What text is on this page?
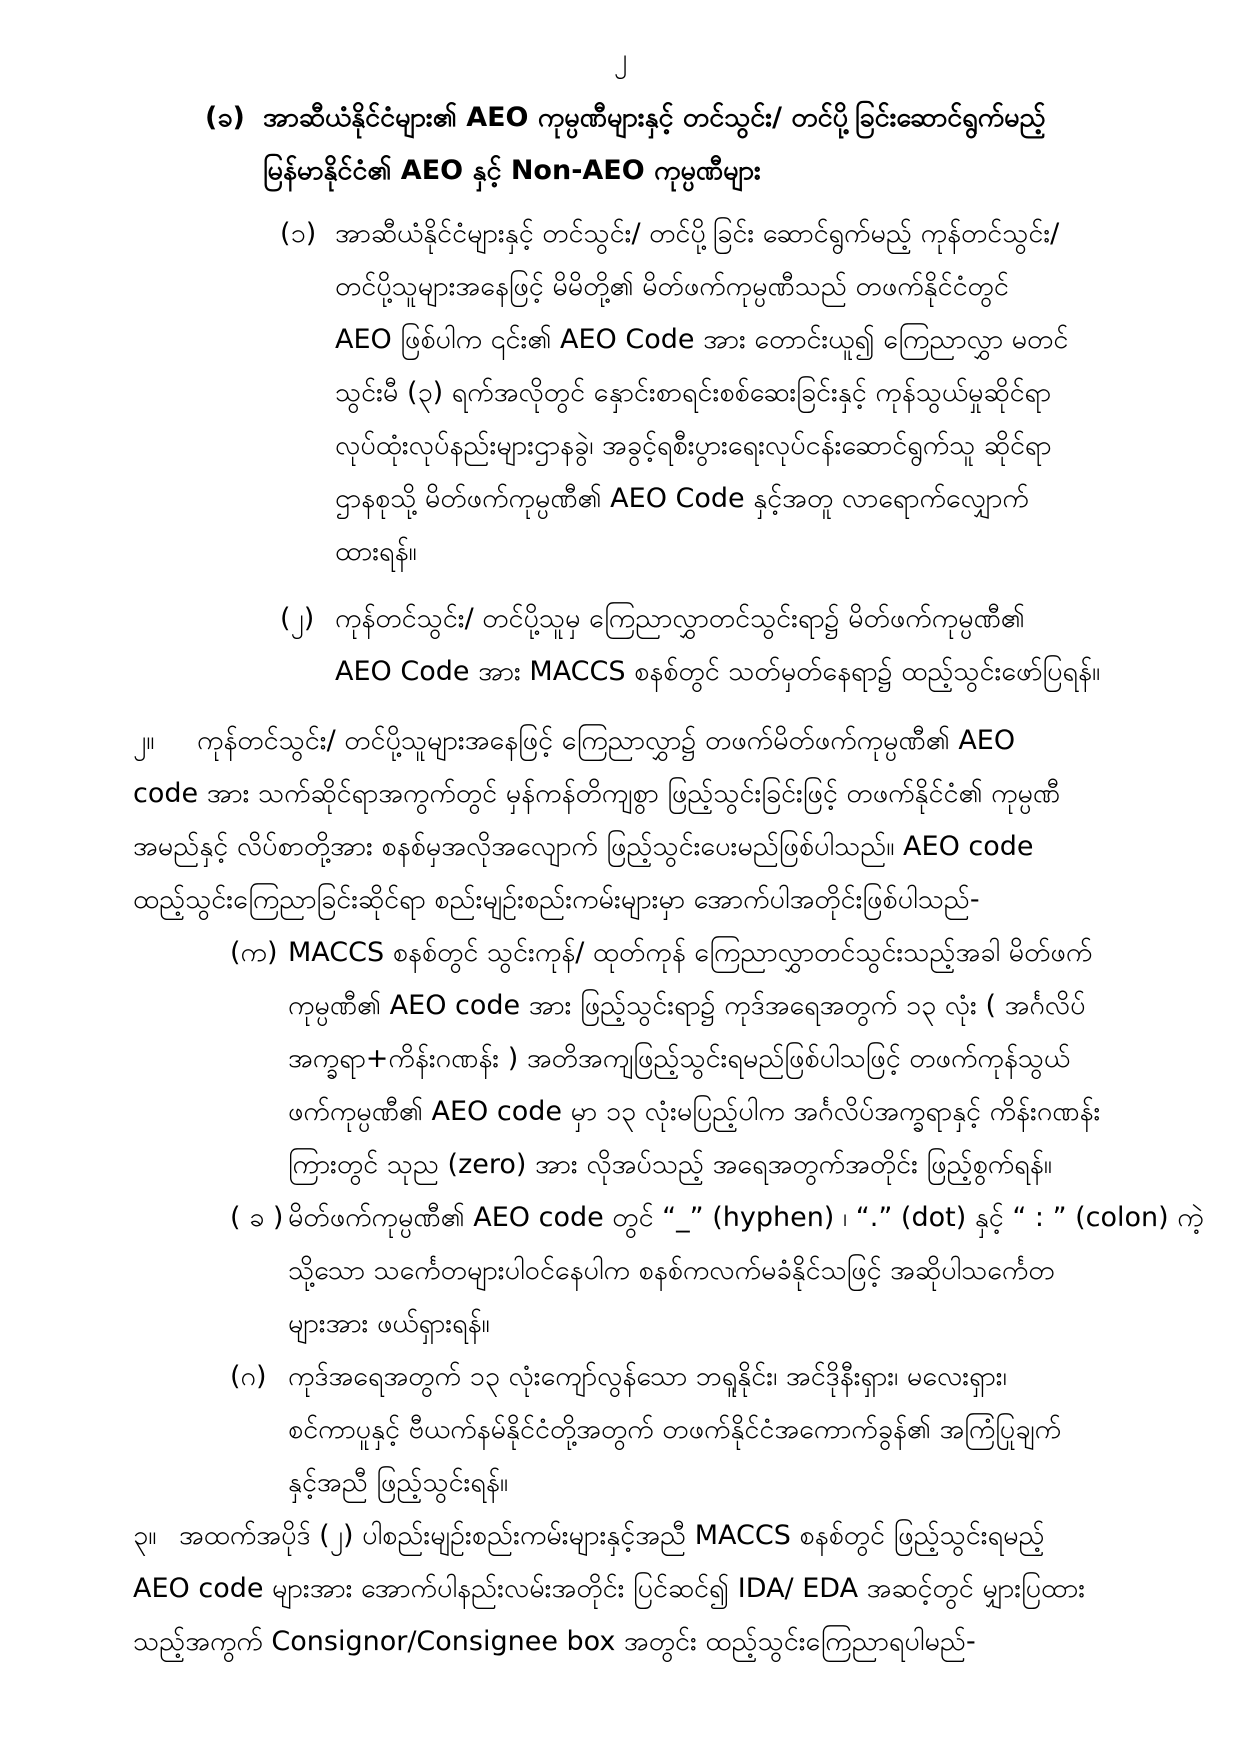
၂
(ခ) အာဆီယံနိုင်ငံများ၏ AEO ကုမ္ပဏီများနှင့် တင်သွင်း/ တင်ပို့ခြင်းဆောင်ရွက်မည့်
မြန်မာနိုင်ငံ၏ AEO နှင့် Non-AEO ကုမ္ပဏီများ
(၁) အာဆီယံနိုင်ငံများနှင့် တင်သွင်း/ တင်ပို့ခြင်း ဆောင်ရွက်မည့် ကုန်တင်သွင်း/
တင်ပို့သူများအနေဖြင့် မိမိတို့၏ မိတ်ဖက်ကုမ္ပဏီသည် တဖက်နိုင်ငံတွင်
AEO ဖြစ်ပါက ၎င်း၏ AEO Code အား တောင်းယူ၍ ကြေညာလွှာ မတင်
သွင်းမီ (၃) ရက်အလိုတွင် နှောင်းစာရင်းစစ်ဆေးခြင်းနှင့် ကုန်သွယ်မှုဆိုင်ရာ
လုပ်ထုံးလုပ်နည်းများဌာနခွဲ၊ အခွင့်ရစီးပွားရေးလုပ်ငန်းဆောင်ရွက်သူ ဆိုင်ရာ
ဌာနစုသို့ မိတ်ဖက်ကုမ္ပဏီ၏ AEO Code နှင့်အတူ လာရောက်လျှောက်
ထားရန်။
(၂) ကုန်တင်သွင်း/ တင်ပို့သူမှ ကြေညာလွှာတင်သွင်းရာ၌ မိတ်ဖက်ကုမ္ပဏီ၏
AEO Code အား MACCS စနစ်တွင် သတ်မှတ်နေရာ၌ ထည့်သွင်းဖော်ပြရန်။
၂။ ကုန်တင်သွင်း/ တင်ပို့သူများအနေဖြင့် ကြေညာလွှာ၌ တဖက်မိတ်ဖက်ကုမ္ပဏီ၏ AEO
code အား သက်ဆိုင်ရာအကွက်တွင် မှန်ကန်တိကျစွာ ဖြည့်သွင်းခြင်းဖြင့် တဖက်နိုင်ငံ၏ ကုမ္ပဏီ
အမည်နှင့် လိပ်စာတို့အား စနစ်မှအလိုအလျောက် ဖြည့်သွင်းပေးမည်ဖြစ်ပါသည်။ AEO code
ထည့်သွင်းကြေညာခြင်းဆိုင်ရာ စည်းမျဉ်းစည်းကမ်းများမှာ အောက်ပါအတိုင်းဖြစ်ပါသည်-
(က) MACCS စနစ်တွင် သွင်းကုန်/ ထုတ်ကုန် ကြေညာလွှာတင်သွင်းသည့်အခါ မိတ်ဖက်
ကုမ္ပဏီ၏ AEO code အား ဖြည့်သွင်းရာ၌ ကုဒ်အရေအတွက် ၁၃ လုံး ( အင်္ဂလိပ်
အက္ခရာ+ကိန်းဂဏန်း ) အတိအကျဖြည့်သွင်းရမည်ဖြစ်ပါသဖြင့် တဖက်ကုန်သွယ်
ဖက်ကုမ္ပဏီ၏ AEO code မှာ ၁၃ လုံးမပြည့်ပါက အင်္ဂလိပ်အက္ခရာနှင့် ကိန်းဂဏန်း
ကြားတွင် သုည (zero) အား လိုအပ်သည့် အရေအတွက်အတိုင်း ဖြည့်စွက်ရန်။
( ခ ) မိတ်ဖက်ကုမ္ပဏီ၏ AEO code တွင် “_” (hyphen) ၊ “.” (dot) နှင့် “ : ” (colon) ကဲ့
သို့သော သင်္ကေတများပါဝင်နေပါက စနစ်ကလက်မခံနိုင်သဖြင့် အဆိုပါသင်္ကေတ
များအား ဖယ်ရှားရန်။
(ဂ) ကုဒ်အရေအတွက် ၁၃ လုံးကျော်လွန်သော ဘရူနိုင်း၊ အင်ဒိုနီးရှား၊ မလေးရှား၊
စင်ကာပူနှင့် ဗီယက်နမ်နိုင်ငံတို့အတွက် တဖက်နိုင်ငံအကောက်ခွန်၏ အကြံပြုချက်
နှင့်အညီ ဖြည့်သွင်းရန်။
၃။ အထက်အပိုဒ် (၂) ပါစည်းမျဉ်းစည်းကမ်းများနှင့်အညီ MACCS စနစ်တွင် ဖြည့်သွင်းရမည့်
AEO code များအား အောက်ပါနည်းလမ်းအတိုင်း ပြင်ဆင်၍ IDA/ EDA အဆင့်တွင် မျှားပြထား
သည့်အကွက် Consignor/Consignee box အတွင်း ထည့်သွင်းကြေညာရပါမည်-
